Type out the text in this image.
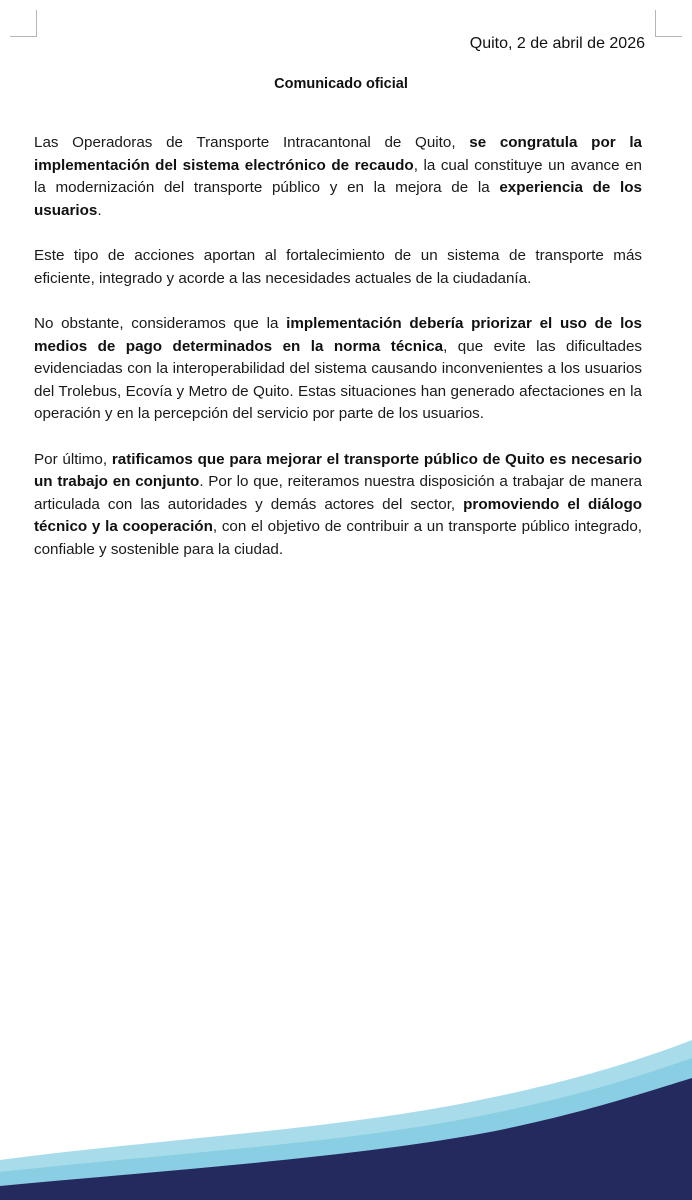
Quito, 2 de abril de 2026
Comunicado oficial

Las Operadoras de Transporte Intracantonal de Quito, se congratula por la implementación del sistema electrónico de recaudo, la cual constituye un avance en la modernización del transporte público y en la mejora de la experiencia de los usuarios.

Este tipo de acciones aportan al fortalecimiento de un sistema de transporte más eficiente, integrado y acorde a las necesidades actuales de la ciudadanía.

No obstante, consideramos que la implementación debería priorizar el uso de los medios de pago determinados en la norma técnica, que evite las dificultades evidenciadas con la interoperabilidad del sistema causando inconvenientes a los usuarios del Trolebus, Ecovía y Metro de Quito. Estas situaciones han generado afectaciones en la operación y en la percepción del servicio por parte de los usuarios.

Por último, ratificamos que para mejorar el transporte público de Quito es necesario un trabajo en conjunto. Por lo que, reiteramos nuestra disposición a trabajar de manera articulada con las autoridades y demás actores del sector, promoviendo el diálogo técnico y la cooperación, con el objetivo de contribuir a un transporte público integrado, confiable y sostenible para la ciudad.
